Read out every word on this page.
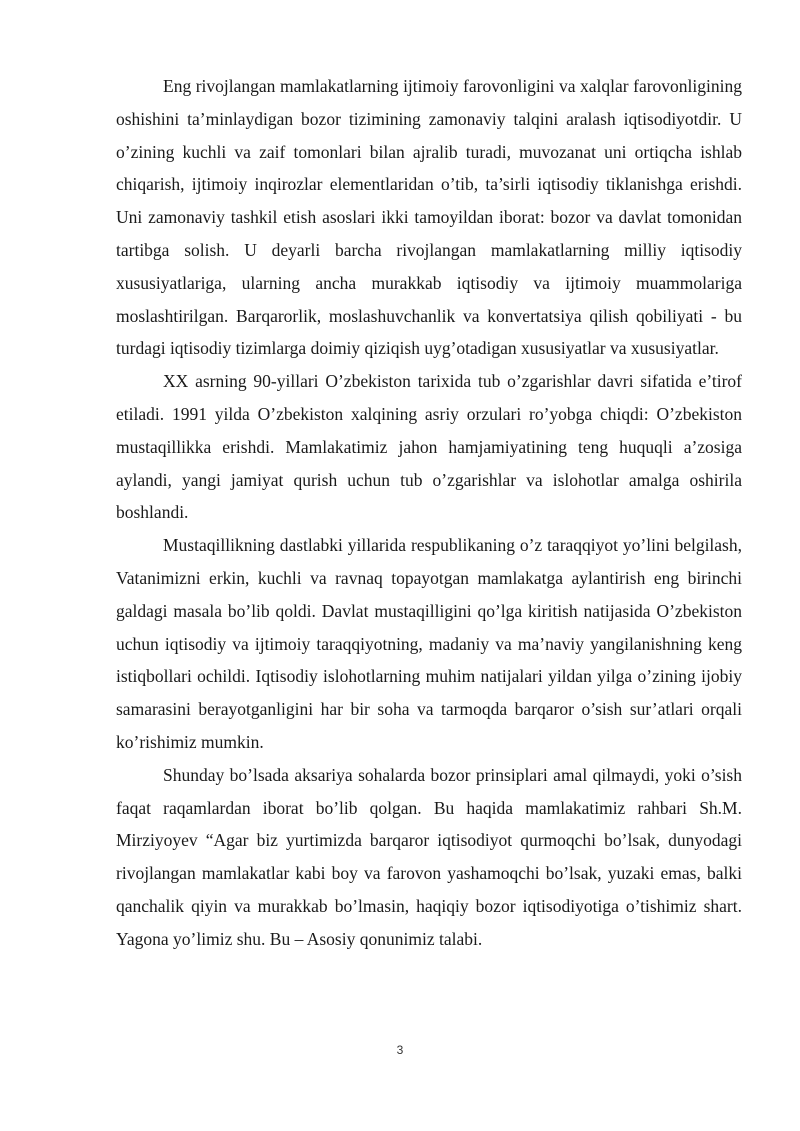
Eng rivojlangan mamlakatlarning ijtimoiy farovonligini va xalqlar farovonligining oshishini ta’minlaydigan bozor tizimining zamonaviy talqini aralash iqtisodiyotdir. U o’zining kuchli va zaif tomonlari bilan ajralib turadi, muvozanat uni ortiqcha ishlab chiqarish, ijtimoiy inqirozlar elementlaridan o’tib, ta’sirli iqtisodiy tiklanishga erishdi. Uni zamonaviy tashkil etish asoslari ikki tamoyildan iborat: bozor va davlat tomonidan tartibga solish. U deyarli barcha rivojlangan mamlakatlarning milliy iqtisodiy xususiyatlariga, ularning ancha murakkab iqtisodiy va ijtimoiy muammolariga moslashtirilgan. Barqarorlik, moslashuvchanlik va konvertatsiya qilish qobiliyati - bu turdagi iqtisodiy tizimlarga doimiy qiziqish uyg’otadigan xususiyatlar va xususiyatlar.

XX asrning 90-yillari O’zbekiston tarixida tub o’zgarishlar davri sifatida e’tirof etiladi. 1991 yilda O’zbekiston xalqining asriy orzulari ro’yobga chiqdi: O’zbekiston mustaqillikka erishdi. Mamlakatimiz jahon hamjamiyatining teng huquqli a’zosiga aylandi, yangi jamiyat qurish uchun tub o’zgarishlar va islohotlar amalga oshirila boshlandi.

Mustaqillikning dastlabki yillarida respublikaning o’z taraqqiyot yo’lini belgilash, Vatanimizni erkin, kuchli va ravnaq topayotgan mamlakatga aylantirish eng birinchi galdagi masala bo’lib qoldi. Davlat mustaqilligini qo’lga kiritish natijasida O’zbekiston uchun iqtisodiy va ijtimoiy taraqqiyotning, madaniy va ma’naviy yangilanishning keng istiqbollari ochildi. Iqtisodiy islohotlarning muhim natijalari yildan yilga o’zining ijobiy samarasini berayotganligini har bir soha va tarmoqda barqaror o’sish sur’atlari orqali ko’rishimiz mumkin.

Shunday bo’lsada aksariya sohalarda bozor prinsiplari amal qilmaydi, yoki o’sish faqat raqamlardan iborat bo’lib qolgan. Bu haqida mamlakatimiz rahbari Sh.M. Mirziyoyev “Agar biz yurtimizda barqaror iqtisodiyot qurmoqchi bo’lsak, dunyodagi rivojlangan mamlakatlar kabi boy va farovon yashamoqchi bo’lsak, yuzaki emas, balki qanchalik qiyin va murakkab bo’lmasin, haqiqiy bozor iqtisodiyotiga o’tishimiz shart. Yagona yo’limiz shu. Bu – Asosiy qonunimiz talabi.

3
